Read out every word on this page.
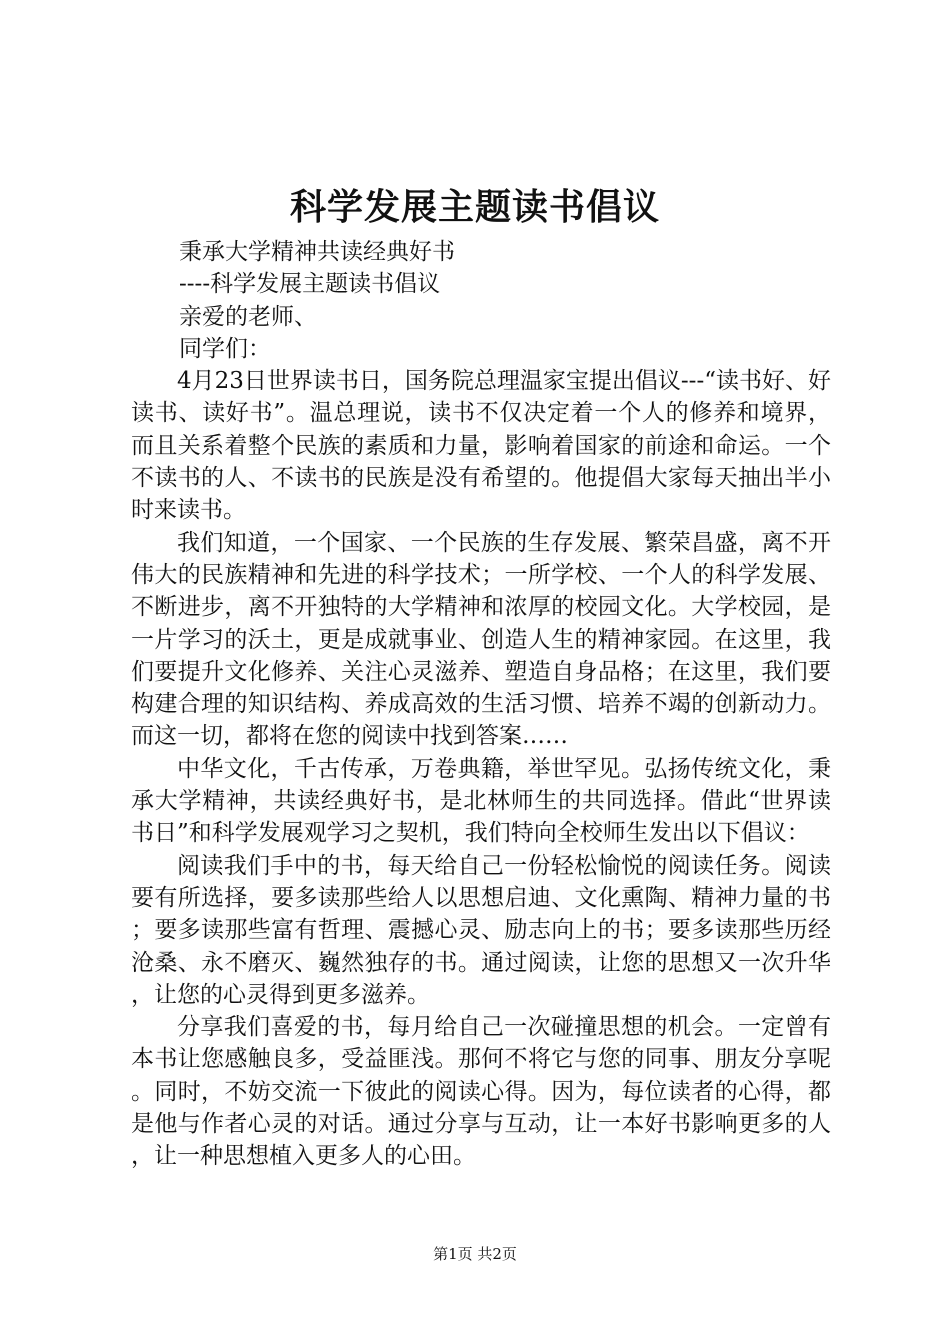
科学发展主题读书倡议
秉承大学精神共读经典好书
----科学发展主题读书倡议
亲爱的老师、
同学们：
4月23日世界读书日，国务院总理温家宝提出倡议---“读书好、好读书、读好书”。温总理说，读书不仅决定着一个人的修养和境界，而且关系着整个民族的素质和力量，影响着国家的前途和命运。一个不读书的人、不读书的民族是没有希望的。他提倡大家每天抽出半小时来读书。
我们知道，一个国家、一个民族的生存发展、繁荣昌盛，离不开伟大的民族精神和先进的科学技术；一所学校、一个人的科学发展、不断进步，离不开独特的大学精神和浓厚的校园文化。大学校园，是一片学习的沃土，更是成就事业、创造人生的精神家园。在这里，我们要提升文化修养、关注心灵滋养、塑造自身品格；在这里，我们要构建合理的知识结构、养成高效的生活习惯、培养不竭的创新动力。而这一切，都将在您的阅读中找到答案……
中华文化，千古传承，万卷典籍，举世罕见。弘扬传统文化，秉承大学精神，共读经典好书，是北林师生的共同选择。借此“世界读书日”和科学发展观学习之契机，我们特向全校师生发出以下倡议：
阅读我们手中的书，每天给自己一份轻松愉悦的阅读任务。阅读要有所选择，要多读那些给人以思想启迪、文化熏陶、精神力量的书；要多读那些富有哲理、震撼心灵、励志向上的书；要多读那些历经沧桑、永不磨灭、巍然独存的书。通过阅读，让您的思想又一次升华，让您的心灵得到更多滋养。
分享我们喜爱的书，每月给自己一次碰撞思想的机会。一定曾有本书让您感触良多，受益匪浅。那何不将它与您的同事、朋友分享呢。同时，不妨交流一下彼此的阅读心得。因为，每位读者的心得，都是他与作者心灵的对话。通过分享与互动，让一本好书影响更多的人，让一种思想植入更多人的心田。
第1页 共2页
